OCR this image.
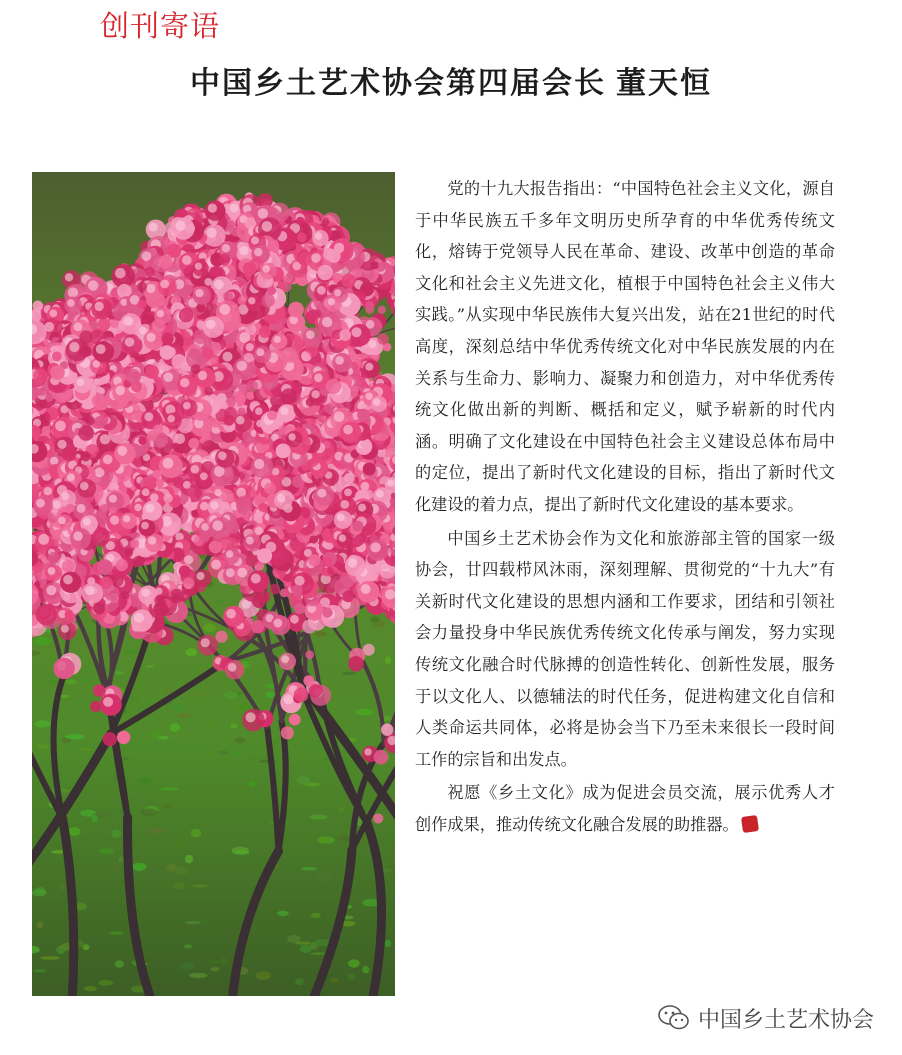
创刊寄语
中国乡土艺术协会第四届会长 董天恒

党的十九大报告指出：“中国特色社会主义文化，源自于中华民族五千多年文明历史所孕育的中华优秀传统文化，熔铸于党领导人民在革命、建设、改革中创造的革命文化和社会主义先进文化，植根于中国特色社会主义伟大实践。”从实现中华民族伟大复兴出发，站在21世纪的时代高度，深刻总结中华优秀传统文化对中华民族发展的内在关系与生命力、影响力、凝聚力和创造力，对中华优秀传统文化做出新的判断、概括和定义，赋予崭新的时代内涵。明确了文化建设在中国特色社会主义建设总体布局中的定位，提出了新时代文化建设的目标，指出了新时代文化建设的着力点，提出了新时代文化建设的基本要求。

中国乡土艺术协会作为文化和旅游部主管的国家一级协会，廿四载栉风沐雨，深刻理解、贯彻党的“十九大”有关新时代文化建设的思想内涵和工作要求，团结和引领社会力量投身中华民族优秀传统文化传承与阐发，努力实现传统文化融合时代脉搏的创造性转化、创新性发展，服务于以文化人、以德辅法的时代任务，促进构建文化自信和人类命运共同体，必将是协会当下乃至未来很长一段时间工作的宗旨和出发点。

祝愿《乡土文化》成为促进会员交流，展示优秀人才创作成果，推动传统文化融合发展的助推器。

中国乡土艺术协会
